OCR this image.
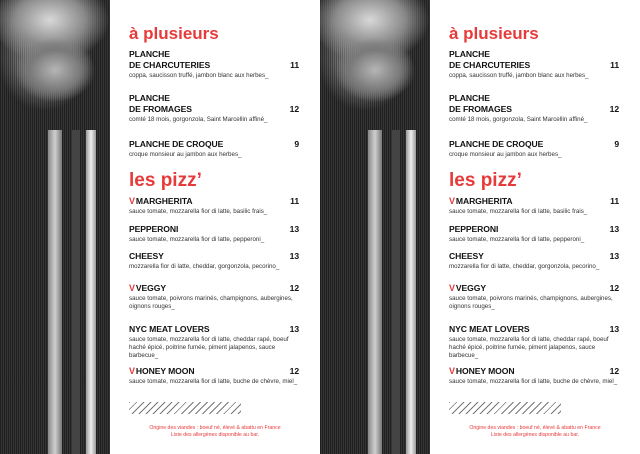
à plusieurs
PLANCHE
DE CHARCUTERIES	11
coppa, saucisson truffé, jambon blanc aux herbes_
PLANCHE
DE FROMAGES	12
comté 18 mois, gorgonzola, Saint Marcellin affiné_
PLANCHE DE CROQUE	9
croque monsieur au jambon aux herbes_
les pizz’
VMARGHERITA	11
sauce tomate, mozzarella fior di latte, basilic frais_
PEPPERONI	13
sauce tomate, mozzarella fior di latte, pepperoni_
CHEESY	13
mozzarella fior di latte, cheddar, gorgonzola, pecorino_
VVEGGY	12
sauce tomate, poivrons marinés, champignons, aubergines, oignons rouges_
NYC MEAT LOVERS	13
sauce tomate, mozzarella fior di latte, cheddar rapé, boeuf haché épicé, poitrine fumée, piment jalapenos, sauce barbecue_
VHONEY MOON	12
sauce tomate, mozzarella fior di latte, buche de chèvre, miel_
Origine des viandes : boeuf né, élevé & abattu en France
Liste des allergènes disponible au bar.
à plusieurs
PLANCHE
DE CHARCUTERIES	11
coppa, saucisson truffé, jambon blanc aux herbes_
PLANCHE
DE FROMAGES	12
comté 18 mois, gorgonzola, Saint Marcellin affiné_
PLANCHE DE CROQUE	9
croque monsieur au jambon aux herbes_
les pizz’
VMARGHERITA	11
sauce tomate, mozzarella fior di latte, basilic frais_
PEPPERONI	13
sauce tomate, mozzarella fior di latte, pepperoni_
CHEESY	13
mozzarella fior di latte, cheddar, gorgonzola, pecorino_
VVEGGY	12
sauce tomate, poivrons marinés, champignons, aubergines, oignons rouges_
NYC MEAT LOVERS	13
sauce tomate, mozzarella fior di latte, cheddar rapé, boeuf haché épicé, poitrine fumée, piment jalapenos, sauce barbecue_
VHONEY MOON	12
sauce tomate, mozzarella fior di latte, buche de chèvre, miel_
Origine des viandes : boeuf né, élevé & abattu en France
Liste des allergènes disponible au bar.
